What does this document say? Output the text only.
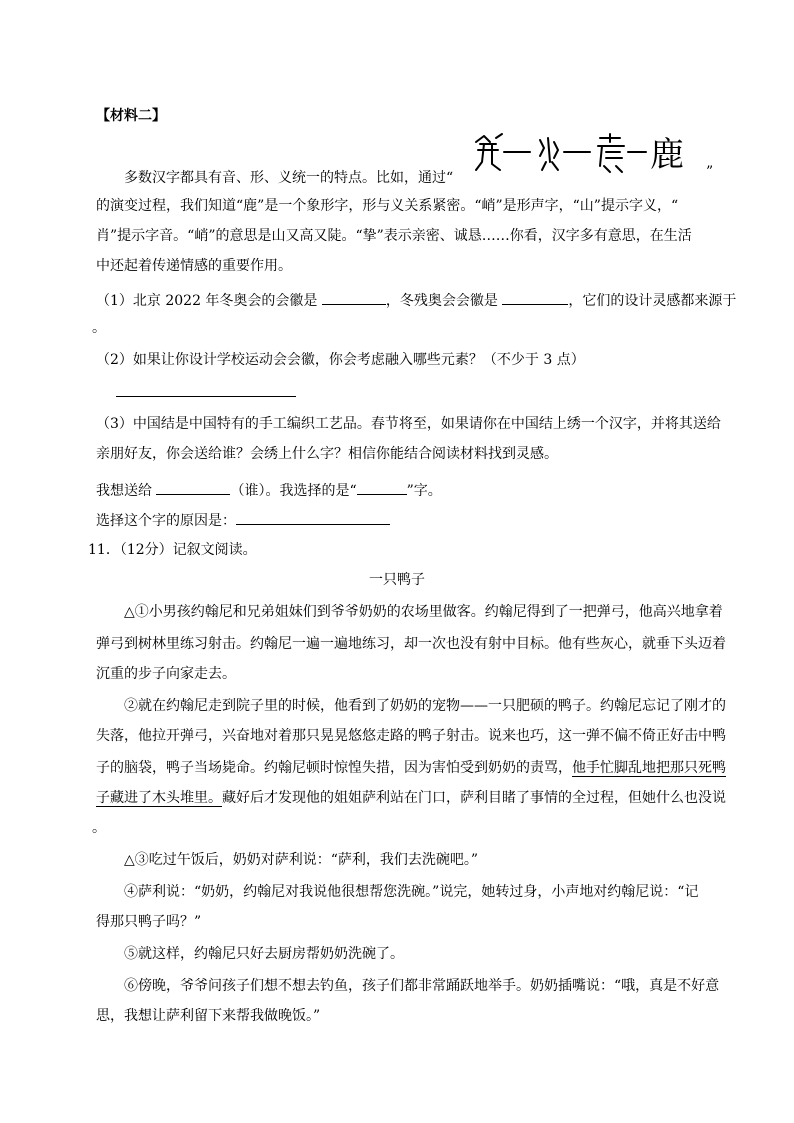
【材料二】
多数汉字都具有音、形、义统一的特点。比如，通过“
鹿 ”
的演变过程，我们知道“鹿”是一个象形字，形与义关系紧密。“峭”是形声字，“山”提示字义，“
肖”提示字音。“峭”的意思是山又高又陡。“挚”表示亲密、诚恳……你看，汉字多有意思，在生活
中还起着传递情感的重要作用。
（1）北京 2022 年冬奥会的会徽是	，冬残奥会会徽是	，它们的设计灵感都来源于
。
（2）如果让你设计学校运动会会徽，你会考虑融入哪些元素？（不少于 3 点）
（3）中国结是中国特有的手工编织工艺品。春节将至，如果请你在中国结上绣一个汉字，并将其送给
亲朋好友，你会送给谁？会绣上什么字？相信你能结合阅读材料找到灵感。
我想送给	（谁）。我选择的是“	”字。
选择这个字的原因是：
11．（12分）记叙文阅读。
一只鸭子
△①小男孩约翰尼和兄弟姐妹们到爷爷奶奶的农场里做客。约翰尼得到了一把弹弓，他高兴地拿着
弹弓到树林里练习射击。约翰尼一遍一遍地练习，却一次也没有射中目标。他有些灰心，就垂下头迈着
沉重的步子向家走去。
②就在约翰尼走到院子里的时候，他看到了奶奶的宠物——一只肥硕的鸭子。约翰尼忘记了刚才的
失落，他拉开弹弓，兴奋地对着那只晃晃悠悠走路的鸭子射击。说来也巧，这一弹不偏不倚正好击中鸭
子的脑袋，鸭子当场毙命。约翰尼顿时惊惶失措，因为害怕受到奶奶的责骂，他手忙脚乱地把那只死鸭
子藏进了木头堆里。藏好后才发现他的姐姐萨利站在门口，萨利目睹了事情的全过程，但她什么也没说
。
△③吃过午饭后，奶奶对萨利说：“萨利，我们去洗碗吧。”
④萨利说：“奶奶，约翰尼对我说他很想帮您洗碗。”说完，她转过身，小声地对约翰尼说：“记
得那只鸭子吗？”
⑤就这样，约翰尼只好去厨房帮奶奶洗碗了。
⑥傍晚，爷爷问孩子们想不想去钓鱼，孩子们都非常踊跃地举手。奶奶插嘴说：“哦，真是不好意
思，我想让萨利留下来帮我做晚饭。”
